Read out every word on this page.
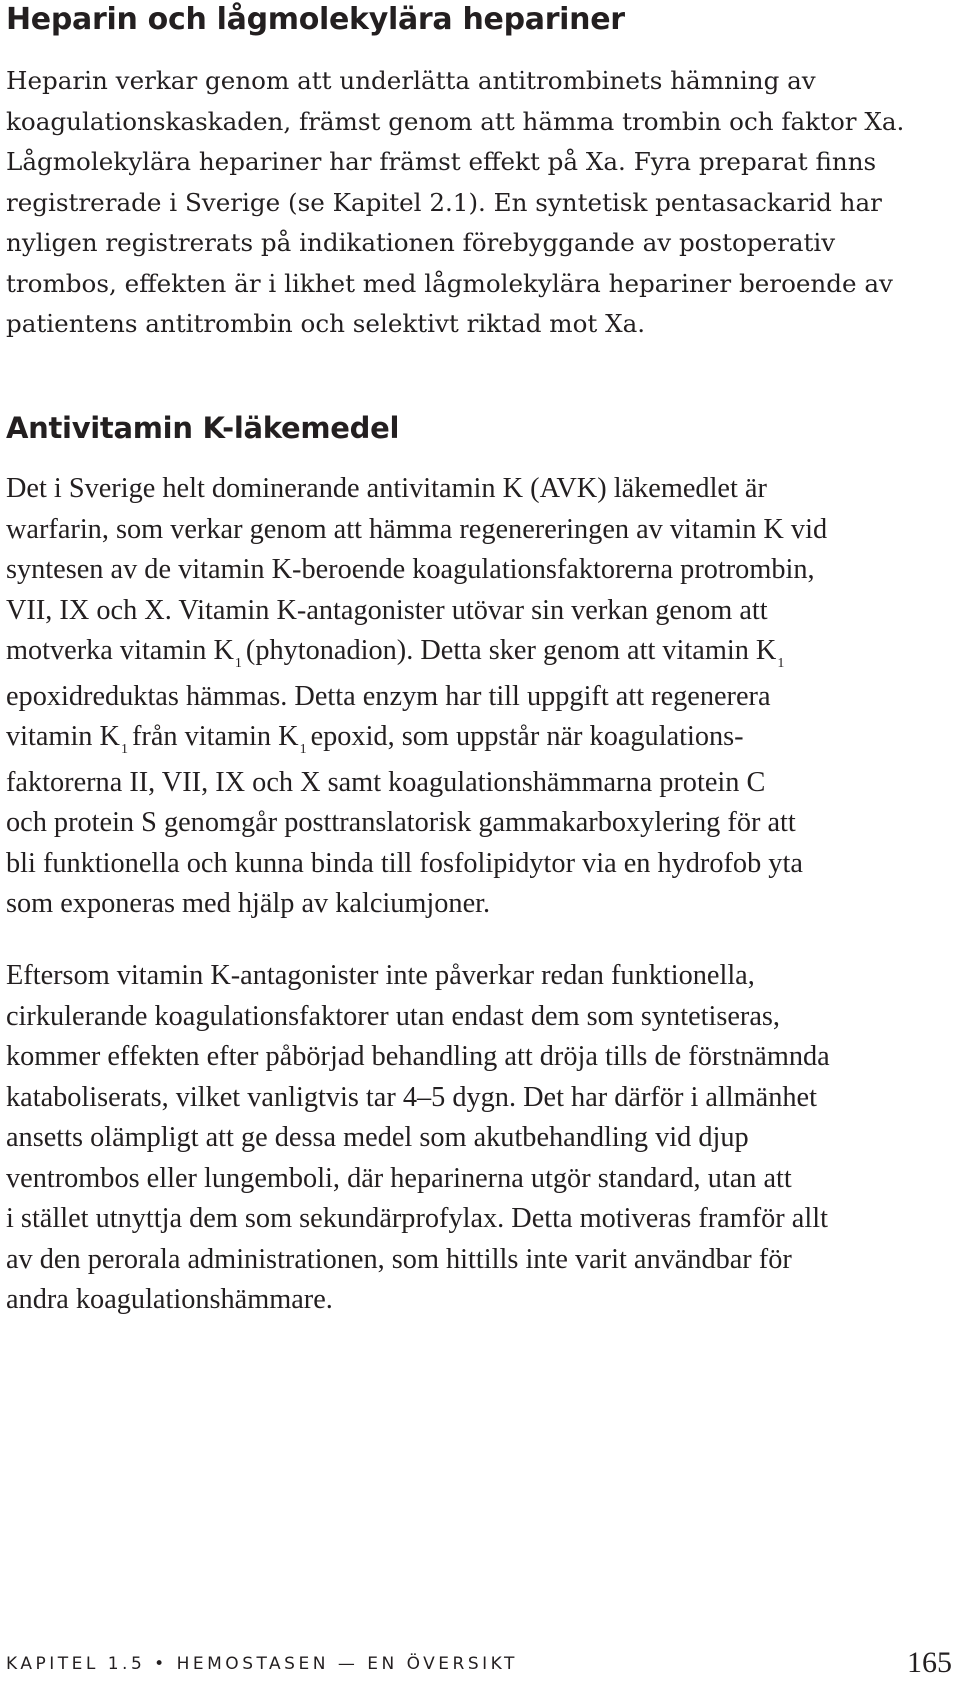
Heparin och lågmolekylära hepariner

Heparin verkar genom att underlätta antitrombinets hämning av
koagulationskaskaden, främst genom att hämma trombin och faktor Xa.
Lågmolekylära hepariner har främst effekt på Xa. Fyra preparat finns
registrerade i Sverige (se Kapitel 2.1). En syntetisk pentasackarid har
nyligen registrerats på indikationen förebyggande av postoperativ
trombos, effekten är i likhet med lågmolekylära hepariner beroende av
patientens antitrombin och selektivt riktad mot Xa.

Antivitamin K-läkemedel

Det i Sverige helt dominerande antivitamin K (AVK) läkemedlet är
warfarin, som verkar genom att hämma regenereringen av vitamin K vid
syntesen av de vitamin K-beroende koagulationsfaktorerna protrombin,
VII, IX och X. Vitamin K-antagonister utövar sin verkan genom att
motverka vitamin $K_1$ (phytonadion). Detta sker genom att vitamin $K_1$
epoxidreduktas hämmas. Detta enzym har till uppgift att regenerera
vitamin $K_1$ från vitamin $K_1$ epoxid, som uppstår när koagulations-
faktorerna II, VII, IX och X samt koagulationshämmarna protein C
och protein S genomgår posttranslatorisk gammakarboxylering för att
bli funktionella och kunna binda till fosfolipidytor via en hydrofob yta
som exponeras med hjälp av kalciumjoner.

Eftersom vitamin K-antagonister inte påverkar redan funktionella,
cirkulerande koagulationsfaktorer utan endast dem som syntetiseras,
kommer effekten efter påbörjad behandling att dröja tills de förstnämnda
kataboliserats, vilket vanligtvis tar 4–5 dygn. Det har därför i allmänhet
ansetts olämpligt att ge dessa medel som akutbehandling vid djup
ventrombos eller lungemboli, där heparinerna utgör standard, utan att
i stället utnyttja dem som sekundärprofylax. Detta motiveras framför allt
av den perorala administrationen, som hittills inte varit användbar för
andra koagulationshämmare.

KAPITEL 1.5 • HEMOSTASEN — EN ÖVERSIKT	165
